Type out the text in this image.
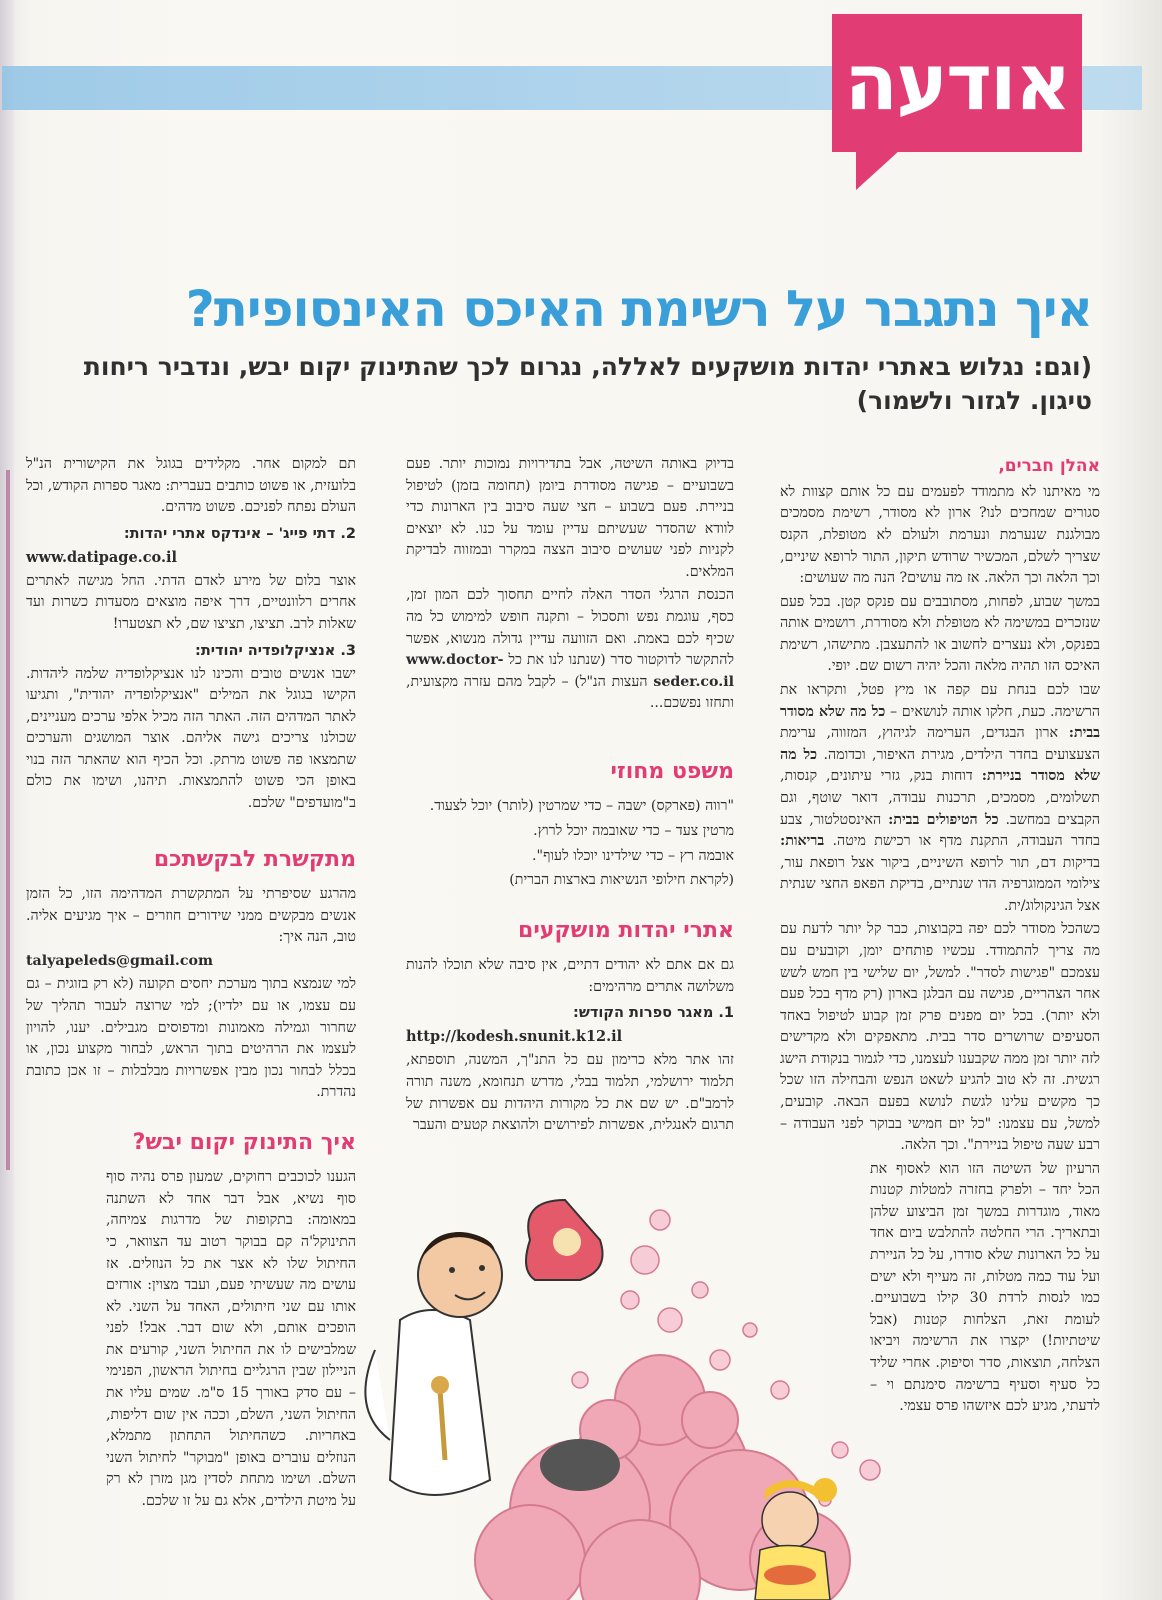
אודעה
איך נתגבר על רשימת האיכס האינסופית?
(וגם: נגלוש באתרי יהדות מושקעים לאללה, נגרום לכך שהתינוק יקום יבש, ונדביר ריחות טיגון. לגזור ולשמור)

אהלן חברים,

מי מאיתנו לא מתמודד לפעמים עם כל אותם קצוות לא סגורים שמחכים לנו? ארון לא מסודר, רשימת מסמכים מבולגנת שנערמת ונערמת ולעולם לא מטופלת, הקנס שצריך לשלם, המכשיר שרודש תיקון, התור לרופא שיניים, וכך הלאה וכך הלאה. אז מה עושים? הנה מה שעושים:

במשך שבוע, לפחות, מסתובבים עם פנקס קטן. בכל פעם שנזכרים במשימה לא מטופלת ולא מסודרת, רושמים אותה בפנקס, ולא נעצרים לחשוב או להתעצבן. מתישהו, רשימת האיכס הזו תהיה מלאה והכל יהיה רשום שם. יופי.

שבו לכם בנחת עם קפה או מיץ פטל, ותקראו את הרשימה. כעת, חלקו אותה לנושאים – כל מה שלא מסודר בבית: ארון הבגדים, הערימה לגיהוץ, המזווה, ערימת הצעצועים בחדר הילדים, מגירת האיפור, וכדומה. כל מה שלא מסודר בניירת: דוחות בנק, גזרי עיתונים, קנסות, תשלומים, מסמכים, תרכנות עבודה, דואר שוטף, וגם הקבצים במחשב. כל הטיפולים בבית: האינסטלטור, צבע בחדר העבודה, התקנת מדף או רכישת מיטה. בריאות: בדיקות דם, תור לרופא השיניים, ביקור אצל רופאת עור, צילומי הממוגרפיה הדו שנתיים, בדיקת הפאפ החצי שנתית אצל הגינקולוג/ית.

כשהכל מסודר לכם יפה בקבוצות, כבר קל יותר לדעת עם מה צריך להתמודד. עכשיו פותחים יומן, וקובעים עם עצמכם "פגישות לסדר". למשל, יום שלישי בין חמש לשש אחר הצהריים, פגישה עם הבלגן בארון (רק מדף בכל פעם ולא יותר). בכל יום מפנים פרק זמן קבוע לטיפול באחד הסעיפים שרושרים סדר בבית. מתאפקים ולא מקדישים לזה יותר זמן ממה שקבענו לעצמנו, כדי לגמור בנקודת הישג רגשית. זה לא טוב להגיע לשאט הנפש והבחילה הזו שכל כך מקשים עלינו לגשת לנושא בפעם הבאה. קובעים, למשל, עם עצמנו: "כל יום חמישי בבוקר לפני העבודה – רבע שעה טיפול בניירת". וכך הלאה.

הרעיון של השיטה הזו הוא לאסוף את הכל יחד – ולפרק בחזרה למטלות קטנות מאוד, מוגדרות במשך זמן הביצוע שלהן ובתאריך. הרי החלטה להתלבש ביום אחד על כל הארונות שלא סודרו, על כל הניירת ועל עוד כמה מטלות, זה מעייף ולא ישים כמו לנסות לרדת 30 קילו בשבועיים. לעומת זאת, הצלחות קטנות (אבל שיטתיות!) יקצרו את הרשימה ויביאו הצלחה, תוצאות, סדר וסיפוק. אחרי שליד כל סעיף וסעיף ברשימה סימנתם וי – לדעתי, מגיע לכם איזשהו פרס עצמי.

בדיוק באותה השיטה, אבל בתדירויות נמוכות יותר. פעם בשבועיים – פגישה מסודרת ביומן (תחומה בזמן) לטיפול בניירת. פעם בשבוע – חצי שעה סיבוב בין הארונות כדי לוודא שהסדר שעשיתם עדיין עומד על כנו. לא יוצאים לקניות לפני שעושים סיבוב הצצה במקרר ובמזווה לבדיקת המלאים.

הכנסת הרגלי הסדר האלה לחיים תחסוך לכם המון זמן, כסף, עוגמת נפש ותסכול – ותקנה חופש למימוש כל מה שכיף לכם באמת. ואם הזוועה עדיין גדולה מנשוא, אפשר להתקשר לדוקטור סדר (שנתנו לנו את כל www.doctor-seder.co.il העצות הנ"ל) – לקבל מהם עזרה מקצועית, ותחזו נפשכם...

משפט מחוזי

"רווה (פארקס) ישבה – כדי שמרטין (לותר) יוכל לצעוד.

מרטין צעד – כדי שאובמה יוכל לרוץ.

אובמה רץ – כדי שילדינו יוכלו לעוף".

(לקראת חילופי הנשיאות בארצות הברית)

אתרי יהדות מושקעים

גם אם אתם לא יהודים דתיים, אין סיבה שלא תוכלו להנות משלושה אתרים מרהימים:

1. מאגר ספרות הקודש:

http://kodesh.snunit.k12.il

זהו אתר מלא כרימון עם כל התנ"ך, המשנה, תוספתא, תלמוד ירושלמי, תלמוד בבלי, מדרש תנחומא, משנה תורה לרמב"ם. יש שם את כל מקורות היהדות עם אפשרות של תרגום לאנגלית, אפשרות לפירושים ולהוצאת קטעים והעבר

תם למקום אחר. מקלידים בגוגל את הקישורית הנ"ל בלועזית, או פשוט כותבים בעברית: מאגר ספרות הקודש, וכל העולם נפתח לפניכם. פשוט מדהים.

2. דתי פייג' – אינדקס אתרי יהדות:

www.datipage.co.il

אוצר בלום של מירע לאדם הדתי. החל מגישה לאתרים אחרים רלוונטיים, דרך איפה מוצאים מסעדות כשרות ועד שאלות לרב. תציצו, תציצו שם, לא תצטערו!

3. אנציקלופדיה יהודית:

ישבו אנשים טובים והכינו לנו אנציקלופדיה שלמה ליהדות. הקישו בגוגל את המילים "אנציקלופדיה יהודית", ותגיעו לאתר המדהים הזה. האתר הזה מכיל אלפי ערכים מעניינים, שכולנו צריכים גישה אליהם. אוצר המושגים והערכים שתמצאו פה פשוט מרתק. וכל הכיף הוא שהאתר הזה בנוי באופן הכי פשוט להתמצאות. תיהנו, ושימו את כולם ב"מועדפים" שלכם.

מתקשרת לבקשתכם

מהרגע שסיפרתי על המתקשרת המדהימה הזו, כל הזמן אנשים מבקשים ממני שידורים חוזרים – איך מגיעים אליה. טוב, הנה איך:

talyapeleds@gmail.com

למי שנמצא בתוך מערכת יחסים תקועה (לא רק בזוגית – גם עם עצמו, או עם ילדיו); למי שרוצה לעבור תהליך של שחרור וגמילה מאמונות ומדפוסים מגבילים. יענו, להויון לעצמו את הרהיטים בתוך הראש, לבחור מקצוע נכון, או בכלל לבחור נכון מבין אפשרויות מבלבלות – זו אכן כתובת נהדרת.

איך התינוק יקום יבש?

הגענו לכוכבים רחוקים, שמעון פרס נהיה סוף סוף נשיא, אבל דבר אחד לא השתנה במאומה: בתקופות של מדרגות צמיחה, התינוקל'ה קם בבוקר רטוב עד הצוואר, כי החיתול שלו לא אצר את כל הנוזלים. אז עושים מה שעשיתי פעם, ועבד מצוין: אורזים אותו עם שני חיתולים, האחד על השני. לא הופכים אותם, ולא שום דבר. אבל! לפני שמלבישים לו את החיתול השני, קורעים את הניילון שבין הרגליים בחיתול הראשון, הפנימי – עם סדק באורך 15 ס"מ. שמים עליו את החיתול השני, השלם, וככה אין שום דליפות, באחריות. כשהחיתול התחתון מתמלא, הנוזלים עוברים באופן "מבוקר" לחיתול השני השלם. ושימו מתחת לסדין מגן מזרן לא רק על מיטת הילדים, אלא גם על זו שלכם.
